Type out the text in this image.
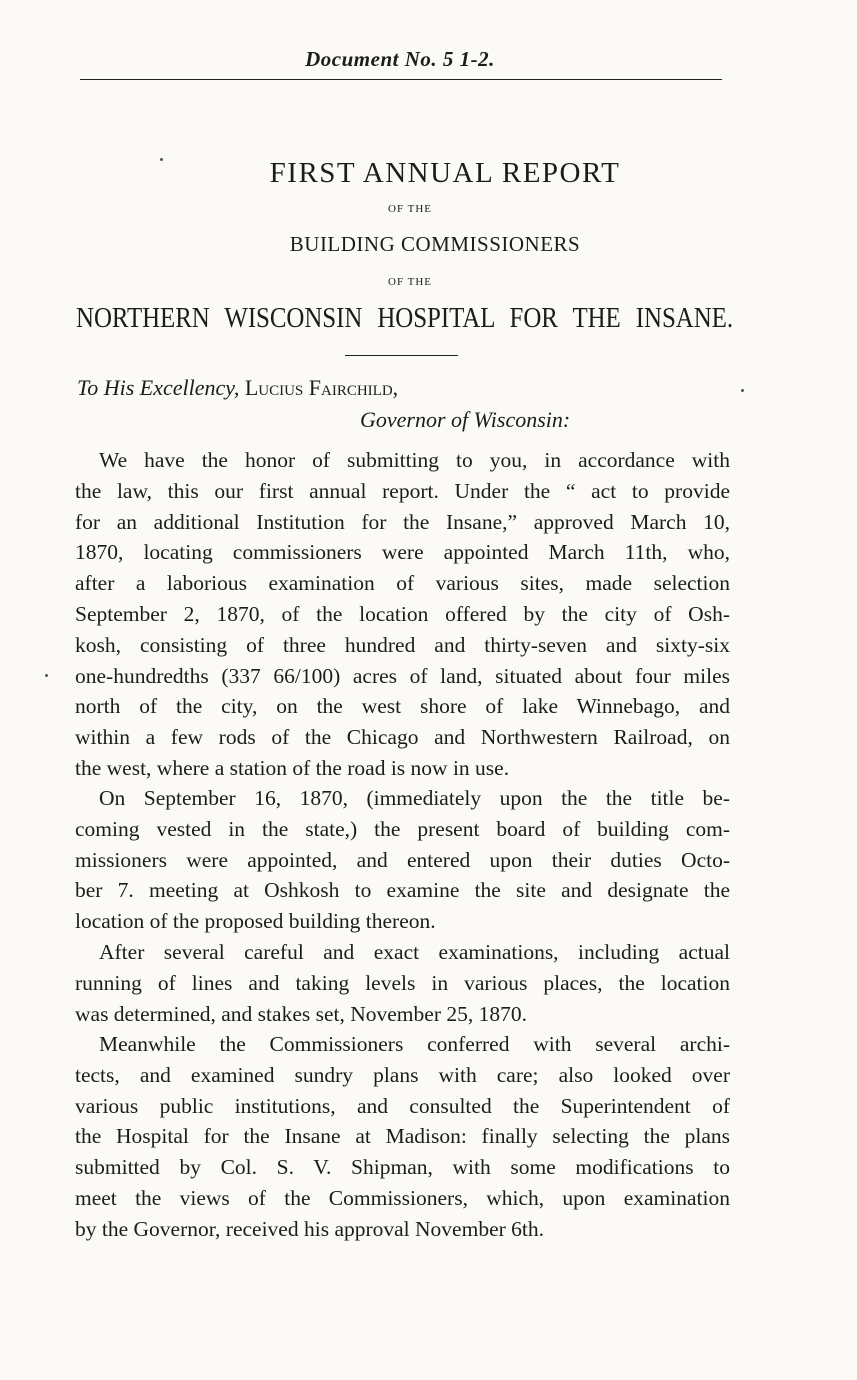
Document No. 5 1-2.
FIRST ANNUAL REPORT
OF THE
BUILDING COMMISSIONERS
OF THE
NORTHERN WISCONSIN HOSPITAL FOR THE INSANE.
To His Excellency, Lucius Fairchild,
Governor of Wisconsin:
We have the honor of submitting to you, in accordance with
the law, this our first annual report. Under the “ act to provide
for an additional Institution for the Insane,” approved March 10,
1870, locating commissioners were appointed March 11th, who,
after a laborious examination of various sites, made selection
September 2, 1870, of the location offered by the city of Osh-
kosh, consisting of three hundred and thirty-seven and sixty-six
one-hundredths (337 66/100) acres of land, situated about four miles
north of the city, on the west shore of lake Winnebago, and
within a few rods of the Chicago and Northwestern Railroad, on
the west, where a station of the road is now in use.
On September 16, 1870, (immediately upon the the title be-
coming vested in the state,) the present board of building com-
missioners were appointed, and entered upon their duties Octo-
ber 7. meeting at Oshkosh to examine the site and designate the
location of the proposed building thereon.
After several careful and exact examinations, including actual
running of lines and taking levels in various places, the location
was determined, and stakes set, November 25, 1870.
Meanwhile the Commissioners conferred with several archi-
tects, and examined sundry plans with care; also looked over
various public institutions, and consulted the Superintendent of
the Hospital for the Insane at Madison: finally selecting the plans
submitted by Col. S. V. Shipman, with some modifications to
meet the views of the Commissioners, which, upon examination
by the Governor, received his approval November 6th.
